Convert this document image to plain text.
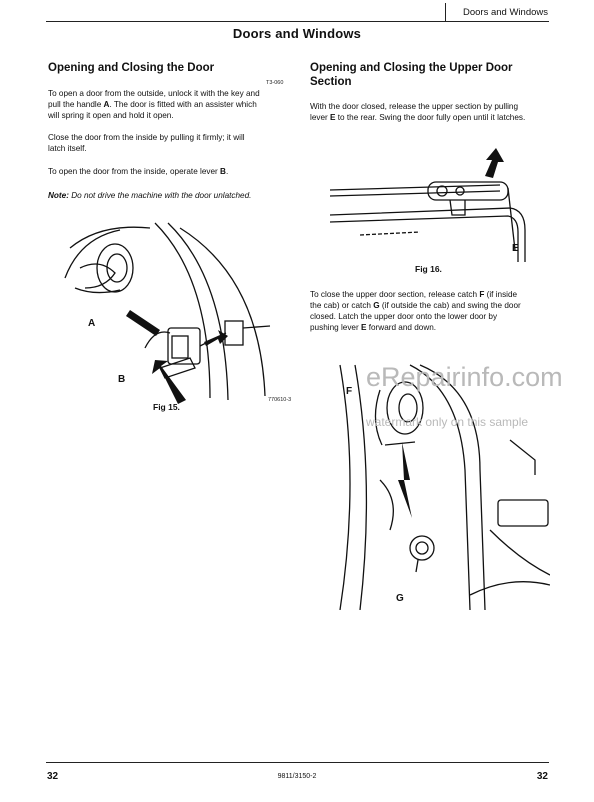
Doors and Windows
Doors and Windows
Opening and Closing the Door
T3-060
To open a door from the outside, unlock it with the key and
pull the handle A. The door is fitted with an assister which
will spring it open and hold it open.
Close the door from the inside by pulling it firmly; it will
latch itself.
To open the door from the inside, operate lever B.
Note: Do not drive the machine with the door unlatched.
A
B
770610-3
Fig 15.
Opening and Closing the Upper Door
Section
With the door closed, release the upper section by pulling
lever E to the rear. Swing the door fully open until it latches.
E
Fig 16.
To close the upper door section, release catch F (if inside
the cab) or catch G (if outside the cab) and swing the door
closed. Latch the upper door onto the lower door by
pushing lever E forward and down.
F
G
eRepairinfo.com
watermark only on this sample
32	9811/3150-2	32
